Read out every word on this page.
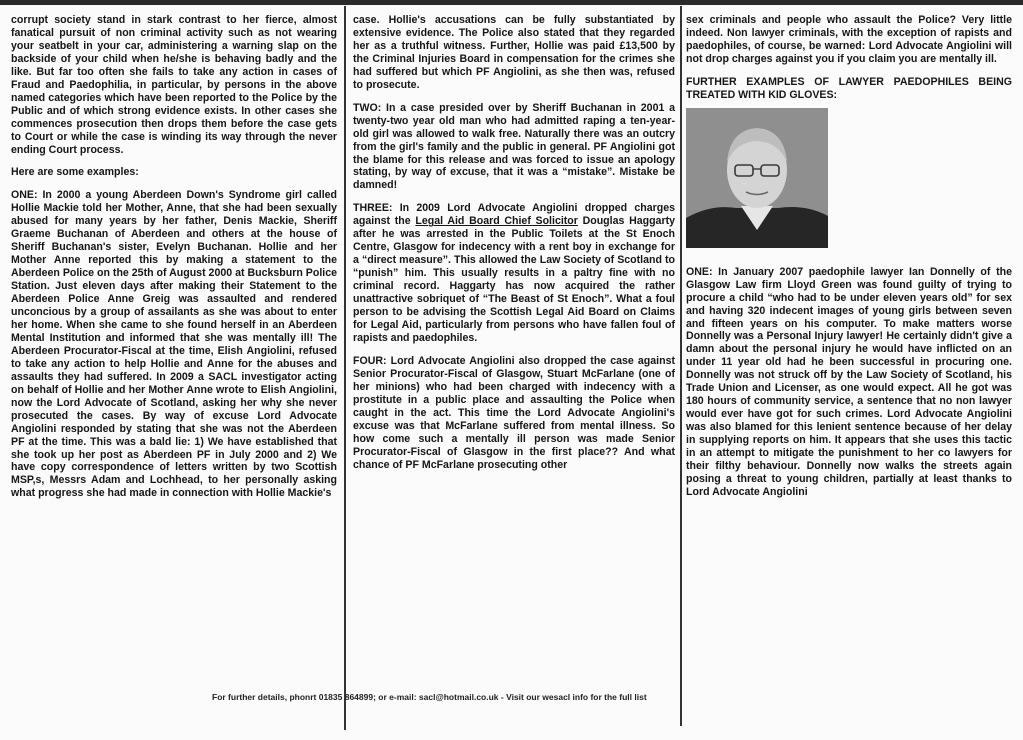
corrupt society stand in stark contrast to her fierce, almost fanatical pursuit of non criminal activity such as not wearing your seatbelt in your car, administering a warning slap on the backside of your child when he/she is behaving badly and the like. But far too often she fails to take any action in cases of Fraud and Paedophilia, in particular, by persons in the above named categories which have been reported to the Police by the Public and of which strong evidence exists. In other cases she commences prosecution then drops them before the case gets to Court or while the case is winding its way through the never ending Court process.

Here are some examples:

ONE: In 2000 a young Aberdeen Down's Syndrome girl called Hollie Mackie told her Mother, Anne, that she had been sexually abused for many years by her father, Denis Mackie, Sheriff Graeme Buchanan of Aberdeen and others at the house of Sheriff Buchanan's sister, Evelyn Buchanan. Hollie and her Mother Anne reported this by making a statement to the Aberdeen Police on the 25th of August 2000 at Bucksburn Police Station. Just eleven days after making their Statement to the Aberdeen Police Anne Greig was assaulted and rendered unconcious by a group of assailants as she was about to enter her home. When she came to she found herself in an Aberdeen Mental Institution and informed that she was mentally ill! The Aberdeen Procurator-Fiscal at the time, Elish Angiolini, refused to take any action to help Hollie and Anne for the abuses and assaults they had suffered. In 2009 a SACL investigator acting on behalf of Hollie and her Mother Anne wrote to Elish Angiolini, now the Lord Advocate of Scotland, asking her why she never prosecuted the cases. By way of excuse Lord Advocate Angiolini responded by stating that she was not the Aberdeen PF at the time. This was a bald lie: 1) We have established that she took up her post as Aberdeen PF in July 2000 and 2) We have copy correspondence of letters written by two Scottish MSP,s, Messrs Adam and Lochhead, to her personally asking what progress she had made in connection with Hollie Mackie's

case. Hollie's accusations can be fully substantiated by extensive evidence. The Police also stated that they regarded her as a truthful witness. Further, Hollie was paid £13,500 by the Criminal Injuries Board in compensation for the crimes she had suffered but which PF Angiolini, as she then was, refused to prosecute.

TWO: In a case presided over by Sheriff Buchanan in 2001 a twenty-two year old man who had admitted raping a ten-year-old girl was allowed to walk free. Naturally there was an outcry from the girl's family and the public in general. PF Angiolini got the blame for this release and was forced to issue an apology stating, by way of excuse, that it was a “mistake”. Mistake be damned!

THREE: In 2009 Lord Advocate Angiolini dropped charges against the Legal Aid Board Chief Solicitor Douglas Haggarty after he was arrested in the Public Toilets at the St Enoch Centre, Glasgow for indecency with a rent boy in exchange for a “direct measure”. This allowed the Law Society of Scotland to “punish” him. This usually results in a paltry fine with no criminal record. Haggarty has now acquired the rather unattractive sobriquet of “The Beast of St Enoch”. What a foul person to be advising the Scottish Legal Aid Board on Claims for Legal Aid, particularly from persons who have fallen foul of rapists and paedophiles.

FOUR: Lord Advocate Angiolini also dropped the case against Senior Procurator-Fiscal of Glasgow, Stuart McFarlane (one of her minions) who had been charged with indecency with a prostitute in a public place and assaulting the Police when caught in the act. This time the Lord Advocate Angiolini's excuse was that McFarlane suffered from mental illness. So how come such a mentally ill person was made Senior Procurator-Fiscal of Glasgow in the first place?? And what chance of PF McFarlane prosecuting other

sex criminals and people who assault the Police? Very little indeed. Non lawyer criminals, with the exception of rapists and paedophiles, of course, be warned: Lord Advocate Angiolini will not drop charges against you if you claim you are mentally ill.

FURTHER EXAMPLES OF LAWYER PAEDOPHILES BEING TREATED WITH KID GLOVES:

ONE: In January 2007 paedophile lawyer Ian Donnelly of the Glasgow Law firm Lloyd Green was found guilty of trying to procure a child “who had to be under eleven years old” for sex and having 320 indecent images of young girls between seven and fifteen years on his computer. To make matters worse Donnelly was a Personal Injury lawyer! He certainly didn't give a damn about the personal injury he would have inflicted on an under 11 year old had he been successful in procuring one. Donnelly was not struck off by the Law Society of Scotland, his Trade Union and Licenser, as one would expect. All he got was 180 hours of community service, a sentence that no non lawyer would ever have got for such crimes. Lord Advocate Angiolini was also blamed for this lenient sentence because of her delay in supplying reports on him. It appears that she uses this tactic in an attempt to mitigate the punishment to her co lawyers for their filthy behaviour. Donnelly now walks the streets again posing a threat to young children, partially at least thanks to Lord Advocate Angiolini

For further details, phonrt 01835 864899; or e-mail: sacl@hotmail.co.uk - Visit our wesacl info for the full list
